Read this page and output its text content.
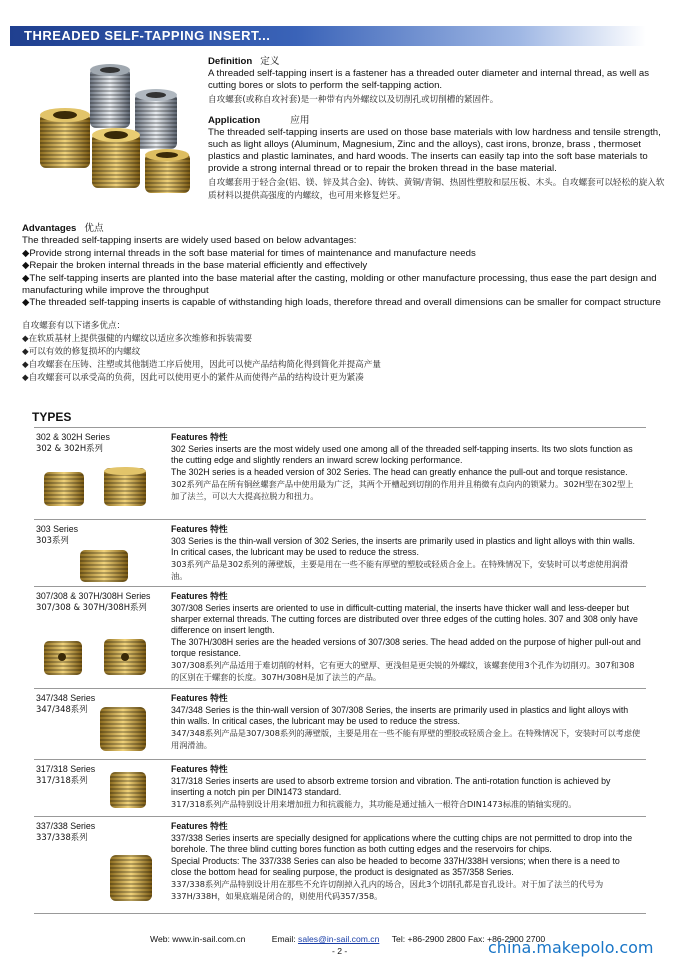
THREADED SELF-TAPPING INSERT...
Definition 定义
A threaded self-tapping insert is a fastener has a threaded outer diameter and internal thread, as well as cutting bores or slots to perform the self-tapping action.
自攻螺套(或称自攻衬套)是一种带有内外螺纹以及切削孔或切削槽的紧固件。
Application	应用
The threaded self-tapping inserts are used on those base materials with low hardness and tensile strength, such as light alloys (Aluminum, Magnesium, Zinc and the alloys), cast irons, bronze, brass , thermoset plastics and plastic laminates, and hard woods. The inserts can easily tap into the soft base materials to provide a strong internal thread or to repair the broken thread in the base material.
自攻螺套用于轻合金(铝、镁、锌及其合金)、铸铁、黄铜/青铜、热固性塑胶和层压板、木头。自攻螺套可以轻松的旋入软质材料以提供高强度的内螺纹，也可用来修复烂牙。
Advantages 优点
The threaded self-tapping inserts are widely used based on below advantages:
◆Provide strong internal threads in the soft base material for times of maintenance and manufacture needs
◆Repair the broken internal threads in the base material efficiently and effectively
◆The self-tapping inserts are planted into the base material after the casting, molding or other manufacture processing, thus ease the part design and manufacturing while improve the throughput
◆The threaded self-tapping inserts is capable of withstanding high loads, therefore thread and overall dimensions can be smaller for compact structure
自攻螺套有以下诸多优点：
◆在软质基材上提供强健的内螺纹以适应多次维修和拆装需要
◆可以有效的修复损坏的内螺纹
◆自攻螺套在压铸、注塑或其他制造工序后使用，因此可以使产品结构简化得到简化并提高产量
◆自攻螺套可以承受高的负荷，因此可以使用更小的紧件从而使得产品的结构设计更为紧凑
TYPES
302 & 302H Series
302 & 302H系列
Features 特性

302 Series inserts are the most widely used one among all of the threaded self-tapping inserts. Its two slots function as the cutting edge and slightly renders an inward screw locking performance.

The 302H series is a headed version of 302 Series. The head can greatly enhance the pull-out and torque resistance.

302系列产品在所有铜丝螺套产品中使用最为广泛，其两个开槽起到切削的作用并且稍微有点向内的锁紧力。302H型在302型上加了法兰，可以大大提高拉脱力和扭力。

303 Series
303系列
Features 特性

303 Series is the thin-wall version of 302 Series, the inserts are primarily used in plastics and light alloys with thin walls. In critical cases, the lubricant may be used to reduce the stress.

303系列产品是302系列的薄壁版，主要是用在一些不能有厚壁的塑胶或轻质合金上。在特殊情况下，安装时可以考虑使用润滑油。

307/308 & 307H/308H Series
307/308 & 307H/308H系列
Features 特性

307/308 Series inserts are oriented to use in difficult-cutting material, the inserts have thicker wall and less-deeper but sharper external threads. The cutting forces are distributed over three edges of the cutting holes. 307 and 308 only have difference on insert length.

The 307H/308H series are the headed versions of 307/308 series. The head added on the purpose of higher pull-out and torque resistance.

307/308系列产品适用于难切削的材料，它有更大的壁厚、更浅但是更尖锐的外螺纹，该螺套使用3个孔作为切削刃。307和308的区别在于螺套的长度。307H/308H是加了法兰的产品。

347/348 Series
347/348系列
Features 特性

347/348 Series is the thin-wall version of 307/308 Series, the inserts are primarily used in plastics and light alloys with thin walls. In critical cases, the lubricant may be used to reduce the stress.

347/348系列产品是307/308系列的薄壁版，主要是用在一些不能有厚壁的塑胶或轻质合金上。在特殊情况下，安装时可以考虑使用润滑油。

317/318 Series
317/318系列
Features 特性

317/318 Series inserts are used to absorb extreme torsion and vibration. The anti-rotation function is achieved by inserting a notch pin per DIN1473 standard.

317/318系列产品特别设计用来增加扭力和抗震能力，其功能是通过插入一根符合DIN1473标准的销轴实现的。

337/338 Series
337/338系列
Features 特性

337/338 Series inserts are specially designed for applications where the cutting chips are not permitted to drop into the borehole. The three blind cutting bores function as both cutting edges and the reservoirs for chips.

Special Products: The 337/338 Series can also be headed to become 337H/338H versions; when there is a need to close the bottom head for sealing purpose, the product is designated as 357/358 Series.

337/338系列产品特别设计用在那些不允许切削掉入孔内的场合，因此3个切削孔都是盲孔设计。对于加了法兰的代号为337H/338H，如果底端是闭合的，则使用代码357/358。

Web: www.in-sail.com.cn	Email: sales@in-sail.com.cn Tel: +86-2900 2800 Fax: +86-2900 2700
- 2 -	china.makepolo.com
